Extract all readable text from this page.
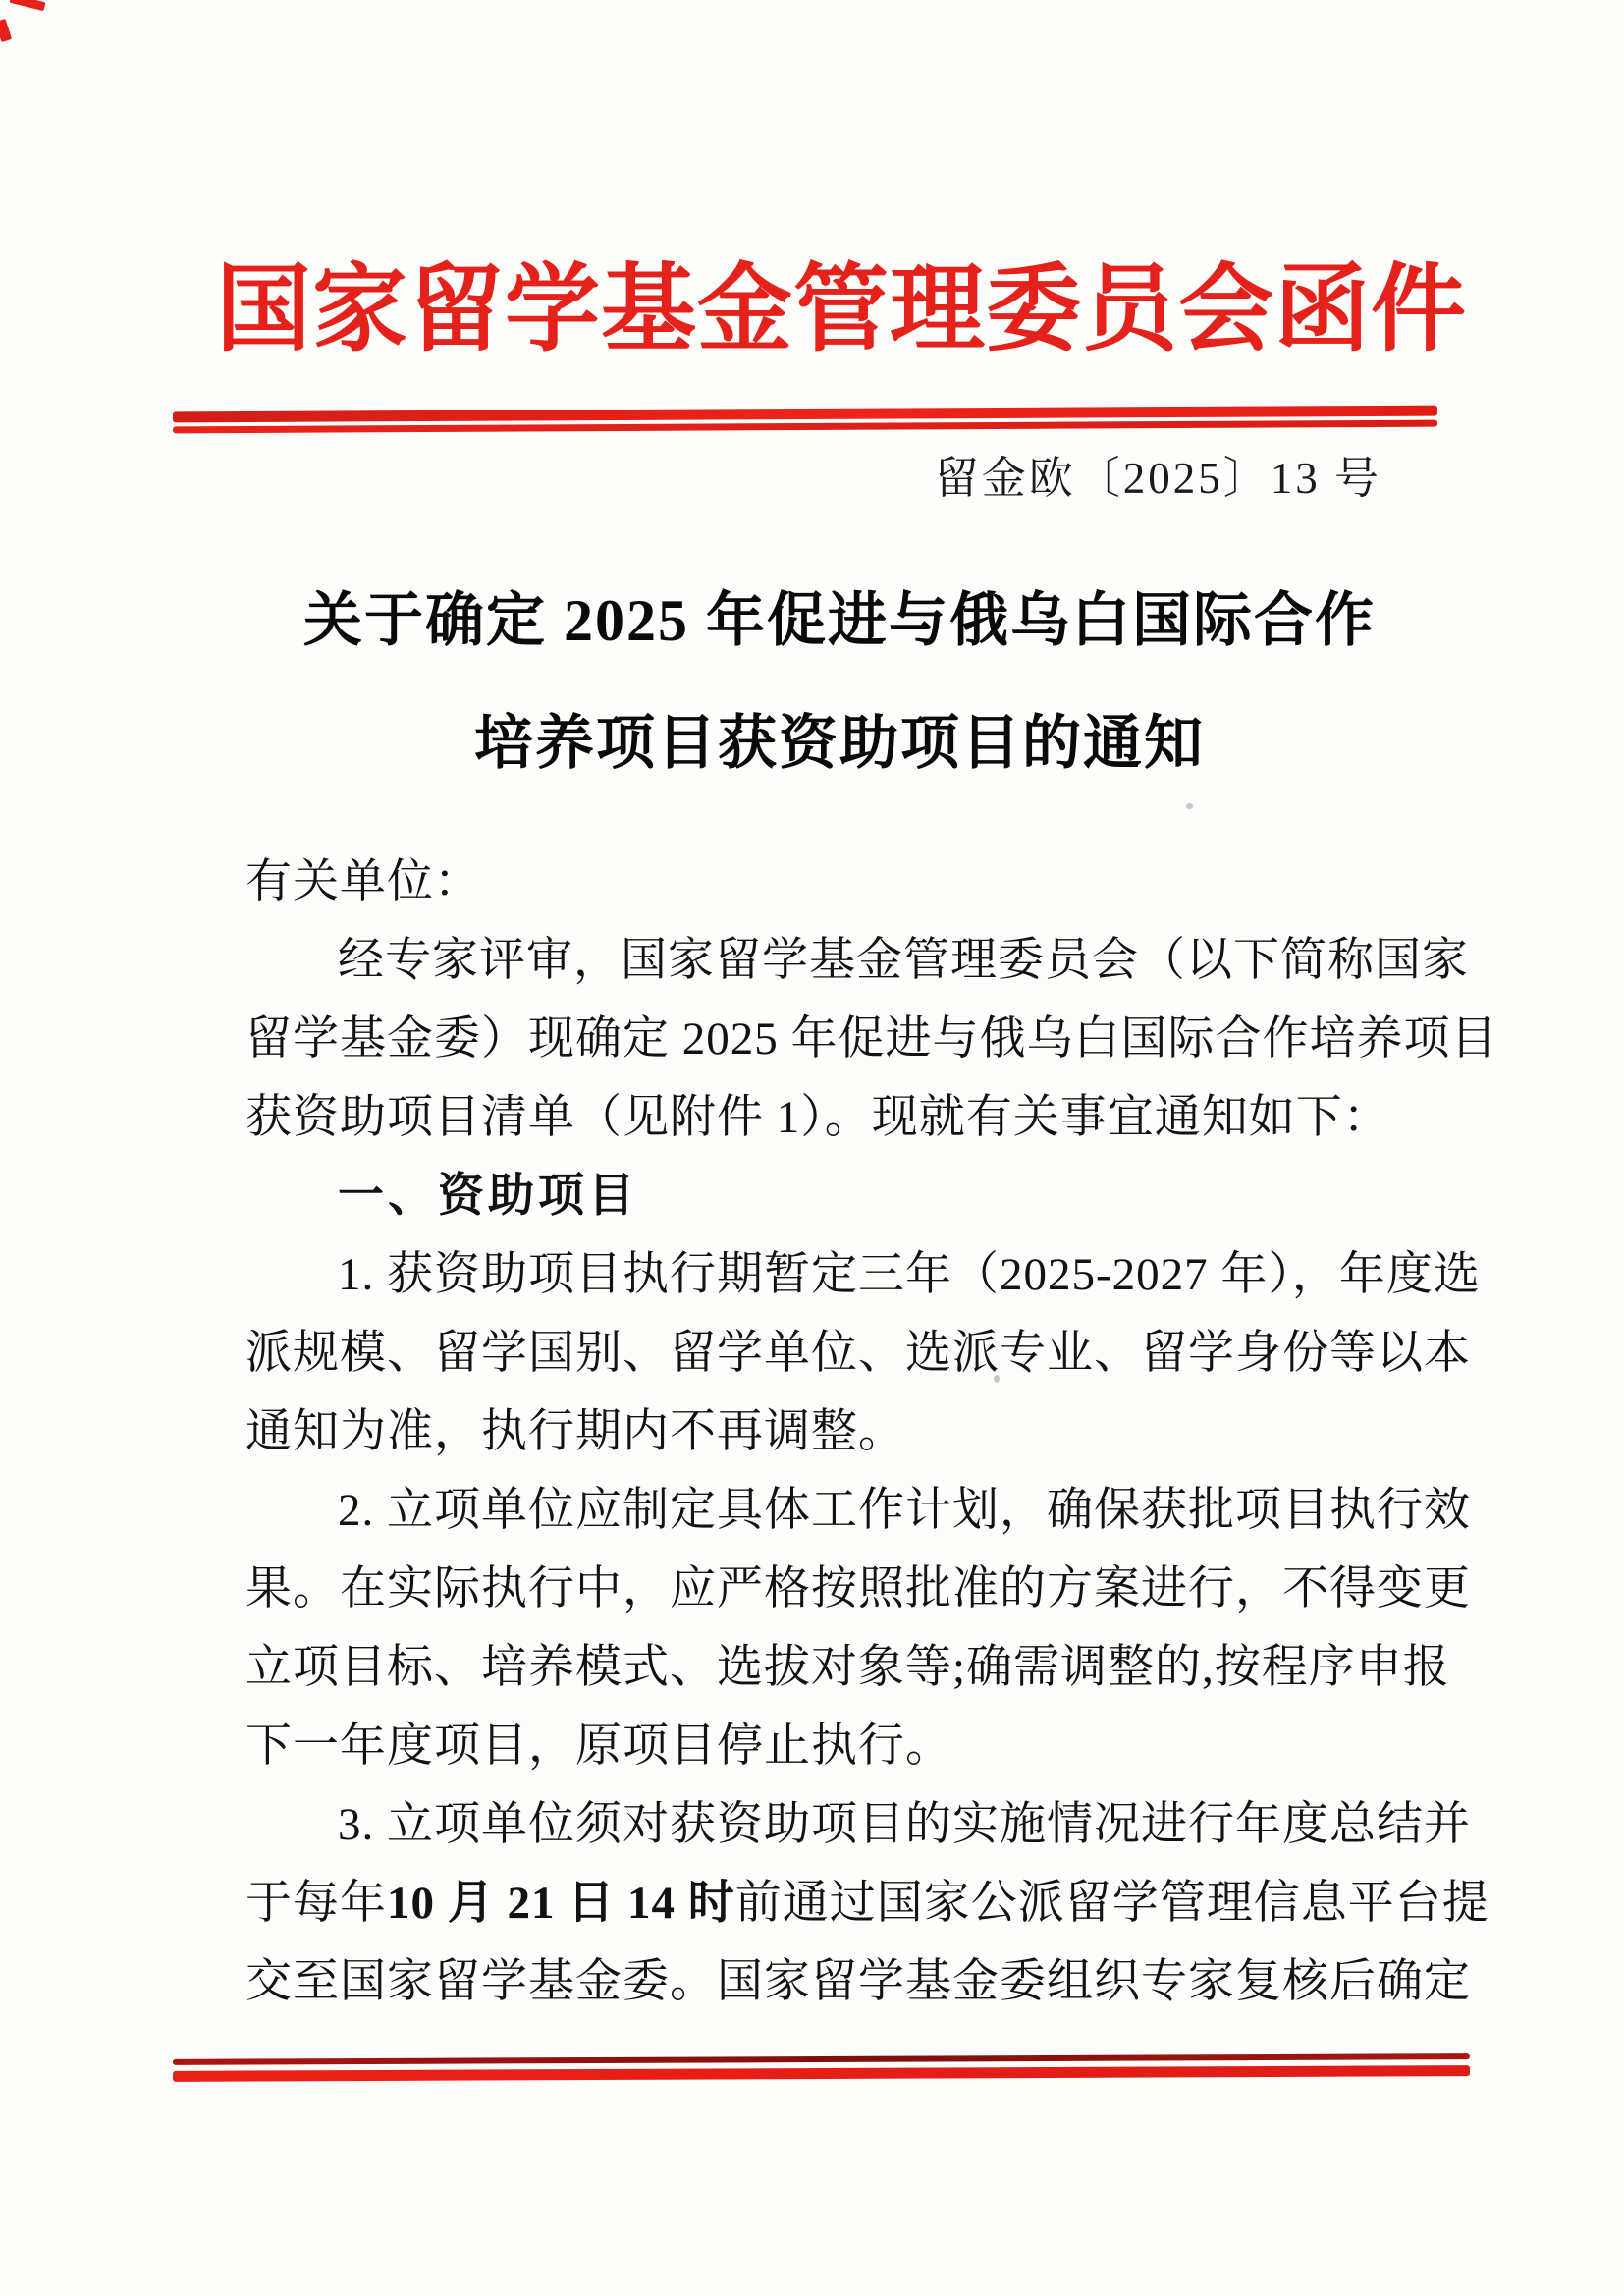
国家留学基金管理委员会函件
留金欧〔2025〕13 号
关于确定 2025 年促进与俄乌白国际合作
培养项目获资助项目的通知
有关单位：
经专家评审，国家留学基金管理委员会（以下简称国家
留学基金委）现确定 2025 年促进与俄乌白国际合作培养项目
获资助项目清单（见附件 1）。现就有关事宜通知如下：
一、资助项目
1. 获资助项目执行期暂定三年（2025-2027 年），年度选
派规模、留学国别、留学单位、选派专业、留学身份等以本
通知为准，执行期内不再调整。
2. 立项单位应制定具体工作计划，确保获批项目执行效
果。在实际执行中，应严格按照批准的方案进行，不得变更
立项目标、培养模式、选拔对象等;确需调整的,按程序申报
下一年度项目，原项目停止执行。
3. 立项单位须对获资助项目的实施情况进行年度总结并
于每年10 月 21 日 14 时前通过国家公派留学管理信息平台提
交至国家留学基金委。国家留学基金委组织专家复核后确定
